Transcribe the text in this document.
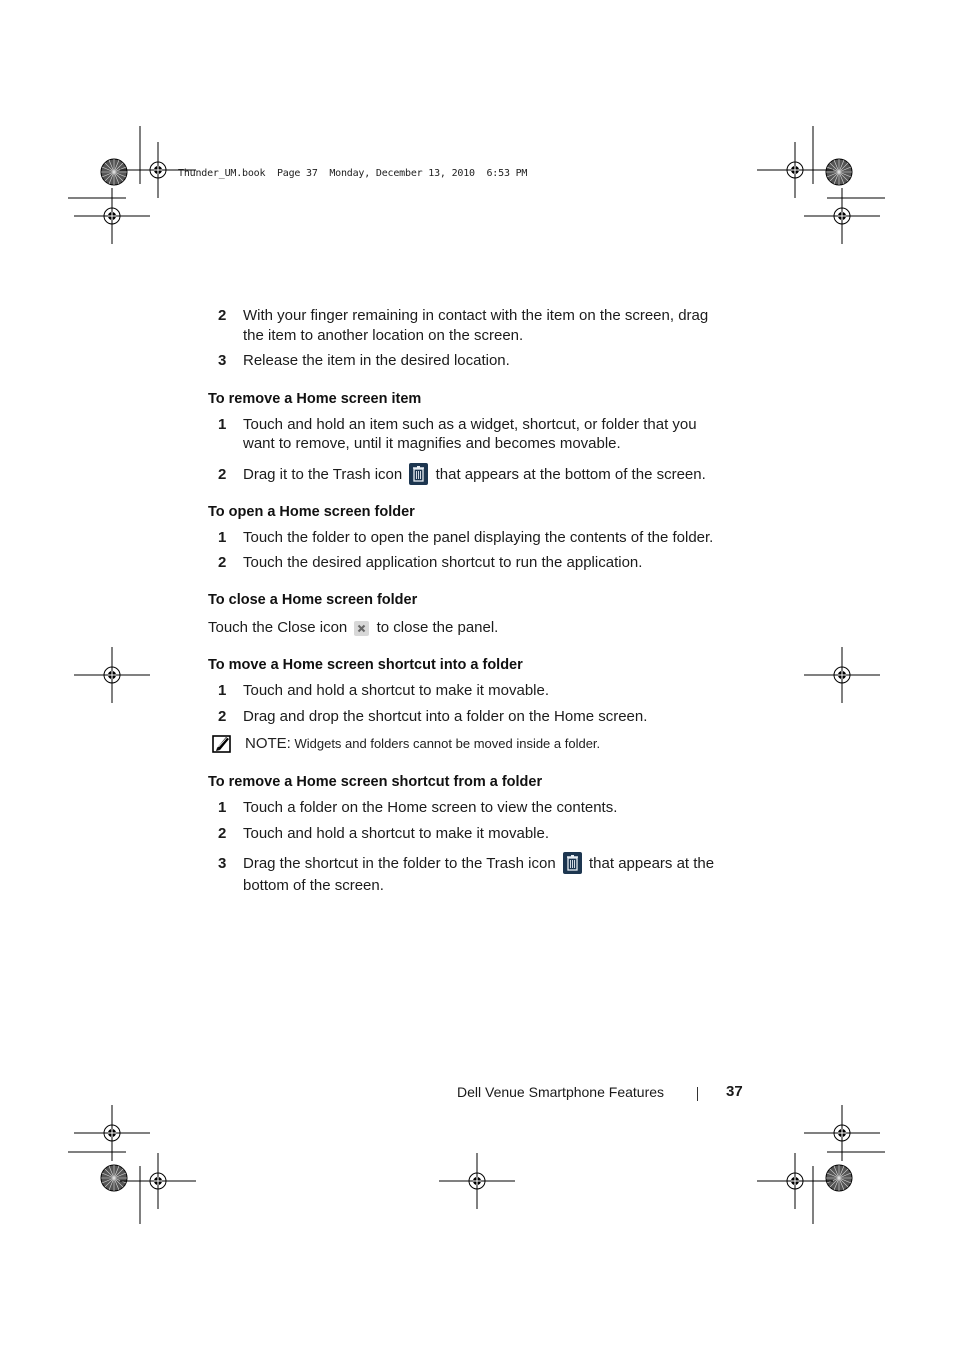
Thunder_UM.book  Page 37  Monday, December 13, 2010  6:53 PM
2 With your finger remaining in contact with the item on the screen, drag the item to another location on the screen.
3 Release the item in the desired location.
To remove a Home screen item
1 Touch and hold an item such as a widget, shortcut, or folder that you want to remove, until it magnifies and becomes movable.
2 Drag it to the Trash icon that appears at the bottom of the screen.
To open a Home screen folder
1 Touch the folder to open the panel displaying the contents of the folder.
2 Touch the desired application shortcut to run the application.
To close a Home screen folder
Touch the Close icon to close the panel.
To move a Home screen shortcut into a folder
1 Touch and hold a shortcut to make it movable.
2 Drag and drop the shortcut into a folder on the Home screen.
NOTE: Widgets and folders cannot be moved inside a folder.
To remove a Home screen shortcut from a folder
1 Touch a folder on the Home screen to view the contents.
2 Touch and hold a shortcut to make it movable.
3 Drag the shortcut in the folder to the Trash icon that appears at the bottom of the screen.
Dell Venue Smartphone Features	37
